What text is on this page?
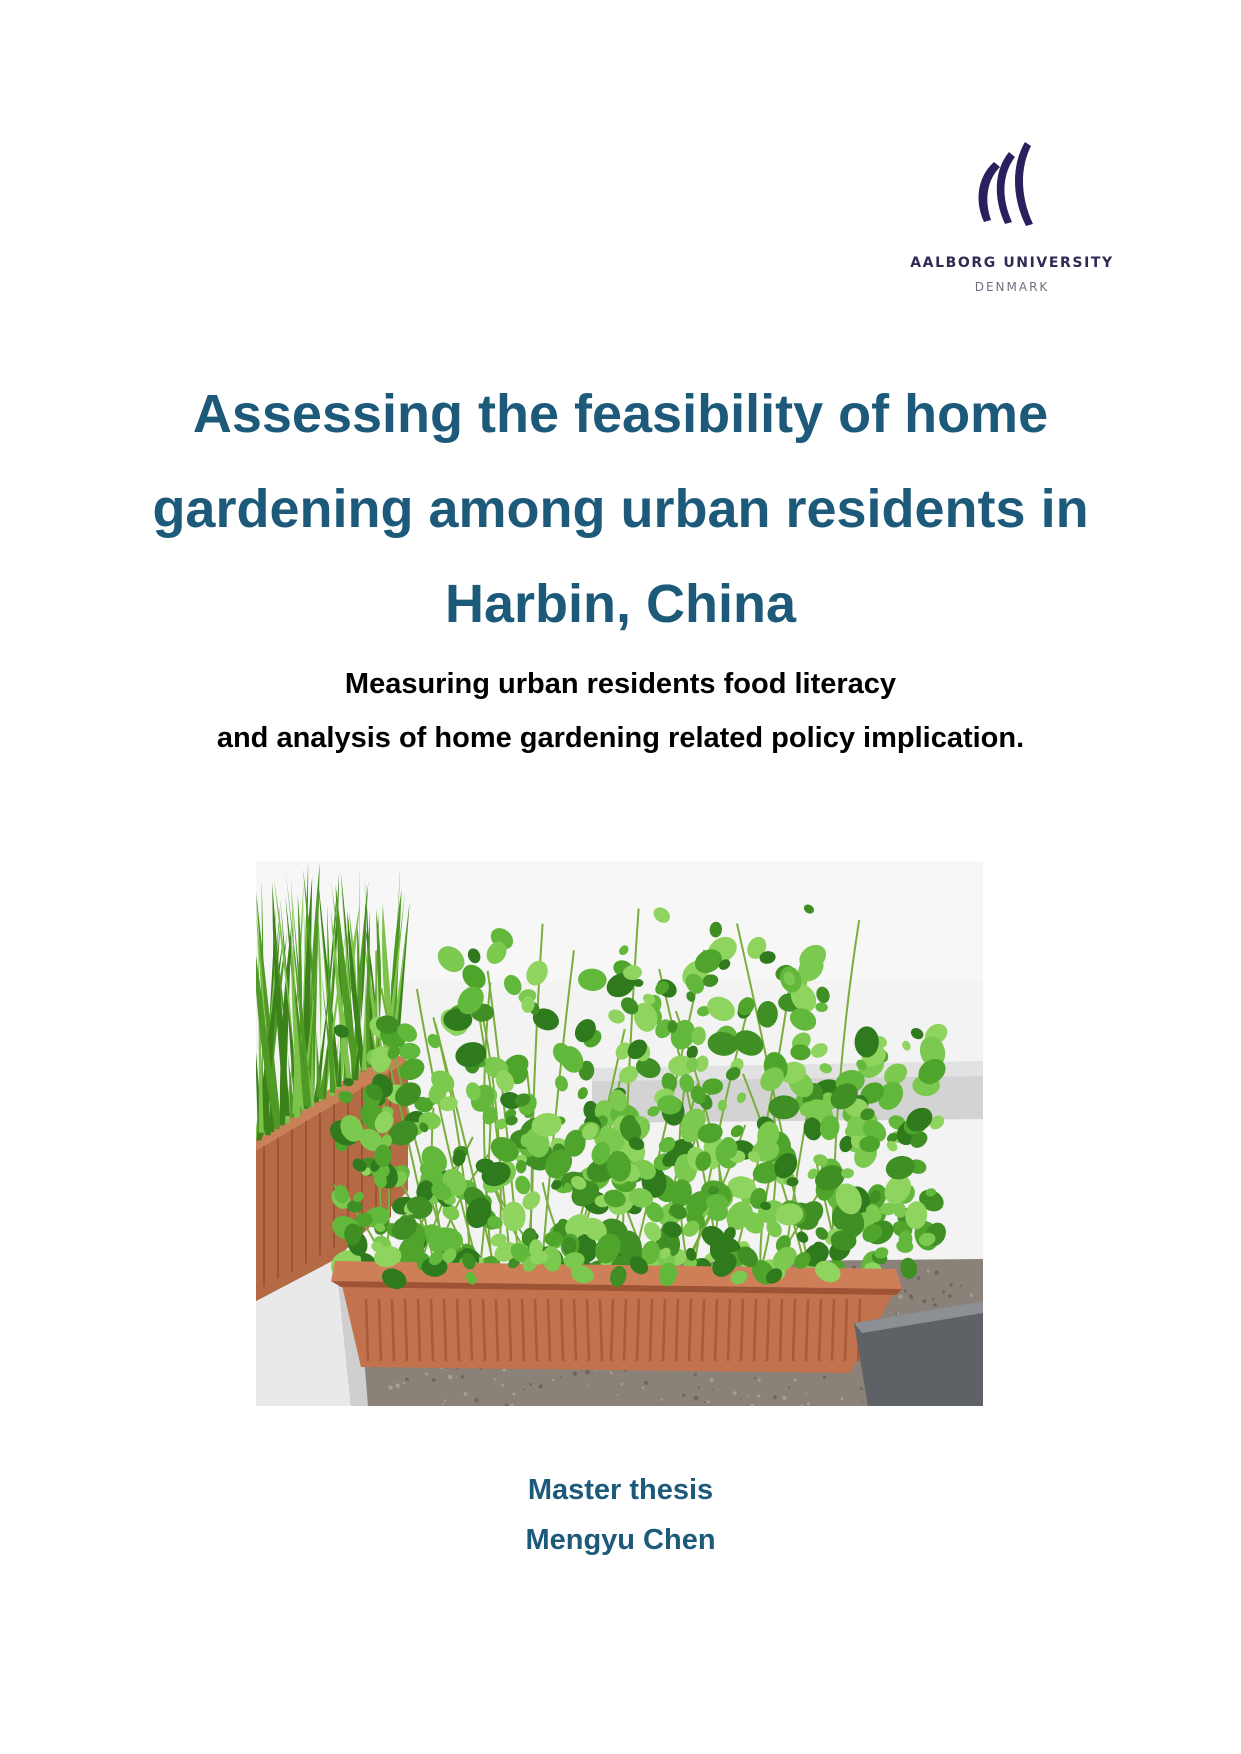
AALBORG UNIVERSITY
DENMARK
Assessing the feasibility of home
gardening among urban residents in
Harbin, China
Measuring urban residents food literacy
and analysis of home gardening related policy implication.
Master thesis
Mengyu Chen
